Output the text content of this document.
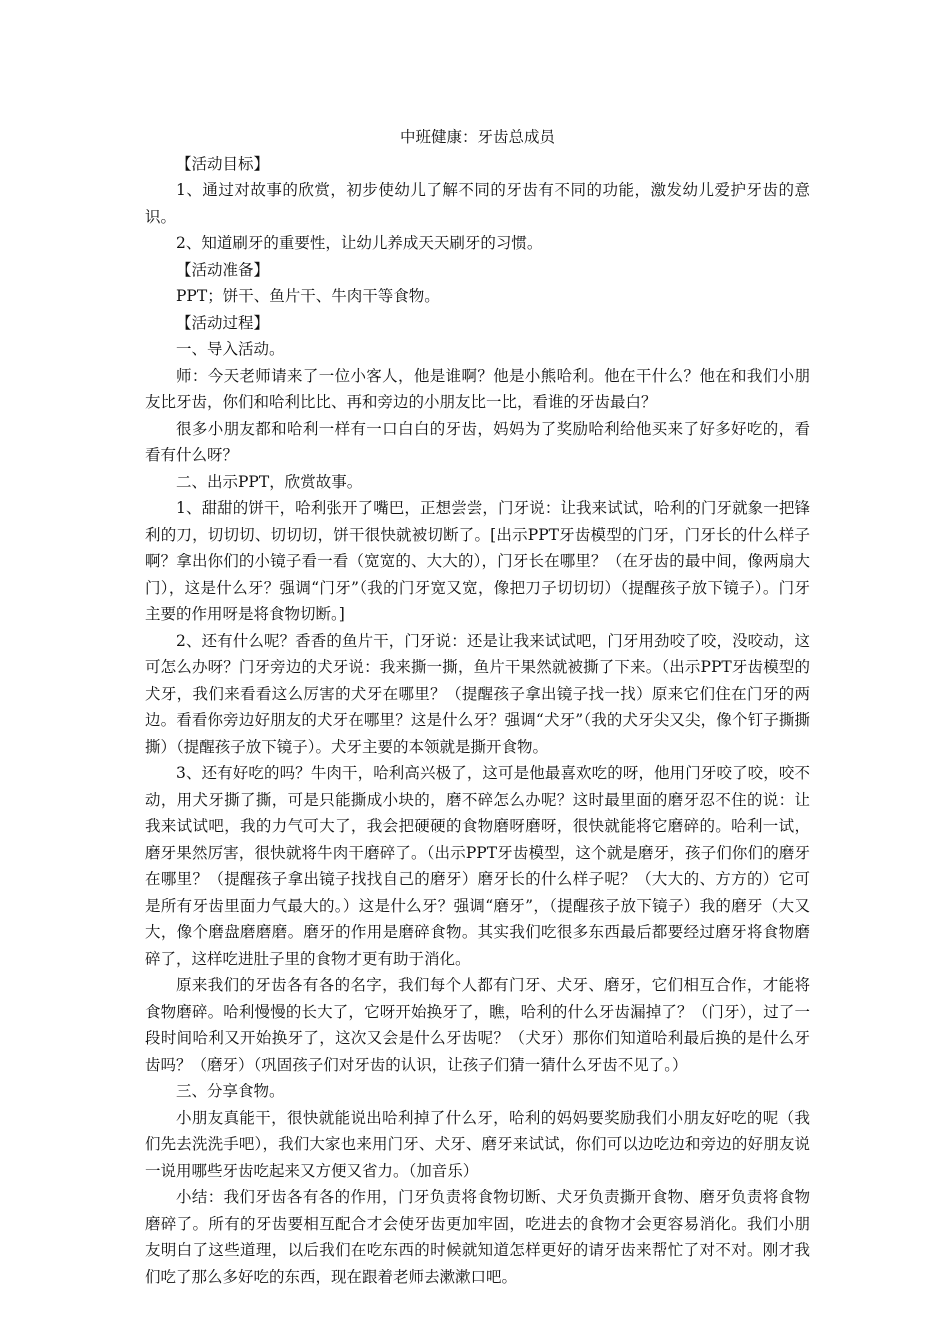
中班健康：牙齿总成员

【活动目标】

1、通过对故事的欣赏，初步使幼儿了解不同的牙齿有不同的功能，激发幼儿爱护牙齿的意识。

2、知道刷牙的重要性，让幼儿养成天天刷牙的习惯。

【活动准备】

PPT；饼干、鱼片干、牛肉干等食物。

【活动过程】

一、导入活动。

师：今天老师请来了一位小客人，他是谁啊？他是小熊哈利。他在干什么？他在和我们小朋友比牙齿，你们和哈利比比、再和旁边的小朋友比一比，看谁的牙齿最白？

很多小朋友都和哈利一样有一口白白的牙齿，妈妈为了奖励哈利给他买来了好多好吃的，看看有什么呀？

二、出示PPT，欣赏故事。

1、甜甜的饼干，哈利张开了嘴巴，正想尝尝，门牙说：让我来试试，哈利的门牙就象一把锋利的刀，切切切、切切切，饼干很快就被切断了。[出示PPT牙齿模型的门牙，门牙长的什么样子啊？拿出你们的小镜子看一看（宽宽的、大大的），门牙长在哪里？（在牙齿的最中间，像两扇大门），这是什么牙？强调“门牙”（我的门牙宽又宽，像把刀子切切切）（提醒孩子放下镜子）。门牙主要的作用呀是将食物切断。]

2、还有什么呢？香香的鱼片干，门牙说：还是让我来试试吧，门牙用劲咬了咬，没咬动，这可怎么办呀？门牙旁边的犬牙说：我来撕一撕，鱼片干果然就被撕了下来。（出示PPT牙齿模型的犬牙，我们来看看这么厉害的犬牙在哪里？（提醒孩子拿出镜子找一找）原来它们住在门牙的两边。看看你旁边好朋友的犬牙在哪里？这是什么牙？强调“犬牙”（我的犬牙尖又尖，像个钉子撕撕撕）（提醒孩子放下镜子）。犬牙主要的本领就是撕开食物。

3、还有好吃的吗？牛肉干，哈利高兴极了，这可是他最喜欢吃的呀，他用门牙咬了咬，咬不动，用犬牙撕了撕，可是只能撕成小块的，磨不碎怎么办呢？这时最里面的磨牙忍不住的说：让我来试试吧，我的力气可大了，我会把硬硬的食物磨呀磨呀，很快就能将它磨碎的。哈利一试，磨牙果然厉害，很快就将牛肉干磨碎了。（出示PPT牙齿模型，这个就是磨牙，孩子们你们的磨牙在哪里？（提醒孩子拿出镜子找找自己的磨牙）磨牙长的什么样子呢？（大大的、方方的）它可是所有牙齿里面力气最大的。）这是什么牙？强调“磨牙”，（提醒孩子放下镜子）我的磨牙（大又大，像个磨盘磨磨磨。磨牙的作用是磨碎食物。其实我们吃很多东西最后都要经过磨牙将食物磨碎了，这样吃进肚子里的食物才更有助于消化。

原来我们的牙齿各有各的名字，我们每个人都有门牙、犬牙、磨牙，它们相互合作，才能将食物磨碎。哈利慢慢的长大了，它呀开始换牙了，瞧，哈利的什么牙齿漏掉了？（门牙），过了一段时间哈利又开始换牙了，这次又会是什么牙齿呢？（犬牙）那你们知道哈利最后换的是什么牙齿吗？（磨牙）（巩固孩子们对牙齿的认识，让孩子们猜一猜什么牙齿不见了。）

三、分享食物。

小朋友真能干，很快就能说出哈利掉了什么牙，哈利的妈妈要奖励我们小朋友好吃的呢（我们先去洗洗手吧），我们大家也来用门牙、犬牙、磨牙来试试，你们可以边吃边和旁边的好朋友说一说用哪些牙齿吃起来又方便又省力。（加音乐）

小结：我们牙齿各有各的作用，门牙负责将食物切断、犬牙负责撕开食物、磨牙负责将食物磨碎了。所有的牙齿要相互配合才会使牙齿更加牢固，吃进去的食物才会更容易消化。我们小朋友明白了这些道理，以后我们在吃东西的时候就知道怎样更好的请牙齿来帮忙了对不对。刚才我们吃了那么多好吃的东西，现在跟着老师去漱漱口吧。
